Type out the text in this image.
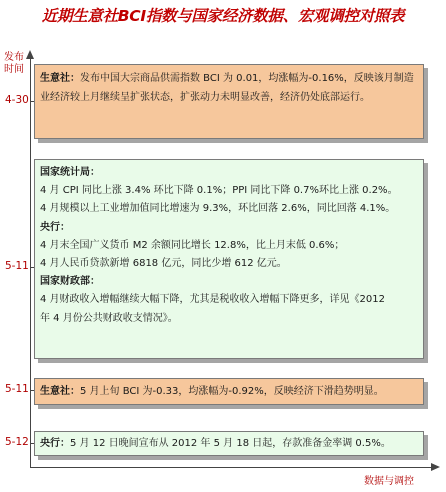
近期生意社BCI指数与国家经济数据、宏观调控对照表
发布
时间
数据与调控
4-30
生意社：发布中国大宗商品供需指数 BCI 为 0.01，均涨幅为-0.16%，反映该月制造业经济较上月继续呈扩张状态，扩张动力未明显改善，经济仍处底部运行。
5-11
国家统计局：
4 月 CPI 同比上涨 3.4% 环比下降 0.1%；PPI 同比下降 0.7%环比上涨 0.2%。
4 月规模以上工业增加值同比增速为 9.3%，环比回落 2.6%，同比回落 4.1%。
央行：
4 月末全国广义货币 M2 余额同比增长 12.8%，比上月末低 0.6%；
4 月人民币贷款新增 6818 亿元，同比少增 612 亿元。
国家财政部：
4 月财政收入增幅继续大幅下降，尤其是税收收入增幅下降更多，详见《2012
年 4 月份公共财政收支情况》。
5-11	生意社：5 月上旬 BCI 为-0.33，均涨幅为-0.92%，反映经济下滑趋势明显。
5-12	央行：5 月 12 日晚间宣布从 2012 年 5 月 18 日起，存款准备金率调 0.5%。
